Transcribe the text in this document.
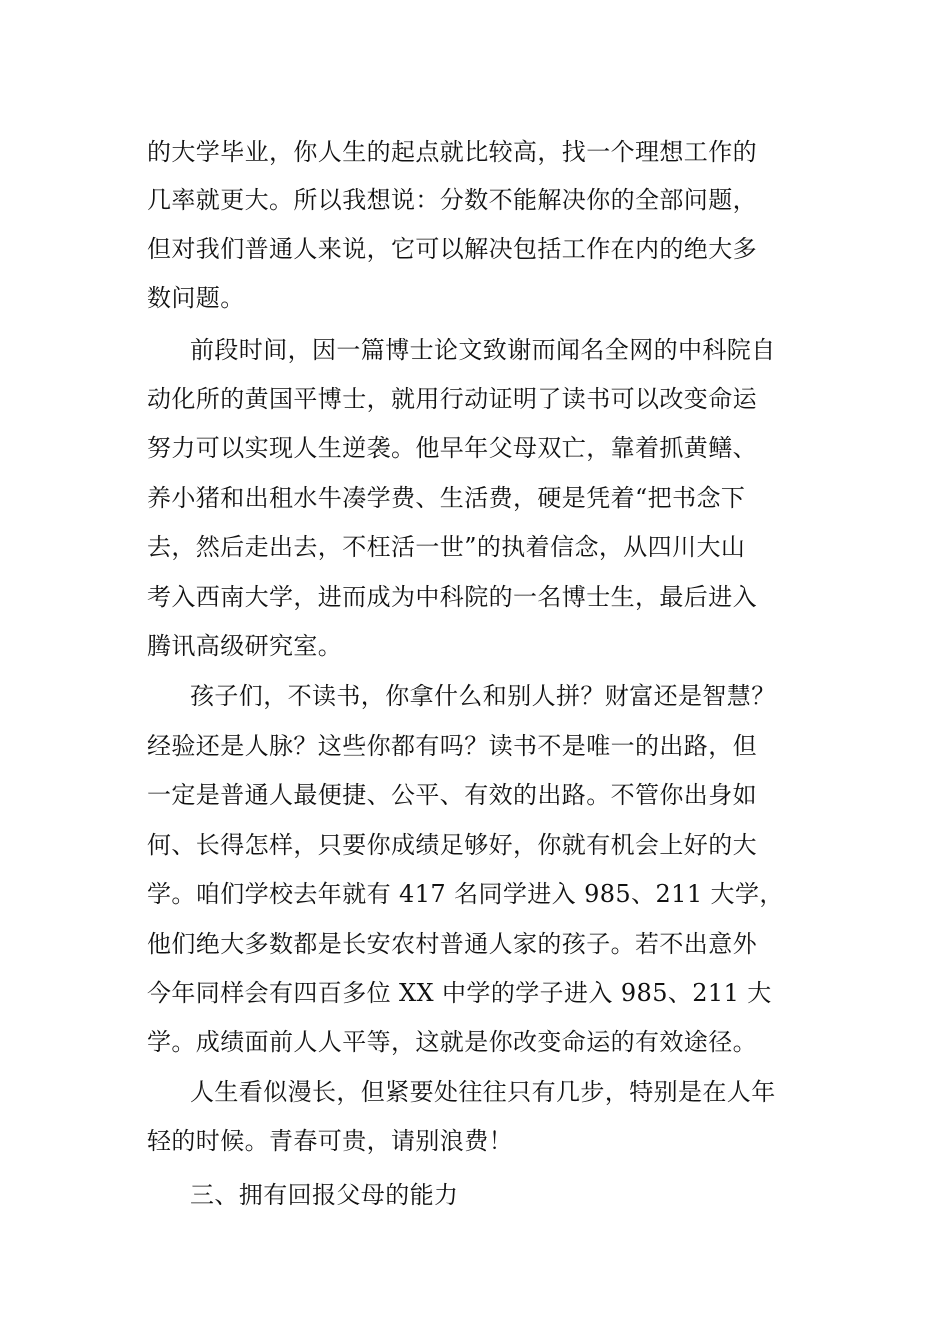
的大学毕业，你人生的起点就比较高，找一个理想工作的
几率就更大。所以我想说：分数不能解决你的全部问题，
但对我们普通人来说，它可以解决包括工作在内的绝大多
数问题。
前段时间，因一篇博士论文致谢而闻名全网的中科院自
动化所的黄国平博士，就用行动证明了读书可以改变命运
努力可以实现人生逆袭。他早年父母双亡，靠着抓黄鳝、
养小猪和出租水牛凑学费、生活费，硬是凭着“把书念下
去，然后走出去，不枉活一世”的执着信念，从四川大山
考入西南大学，进而成为中科院的一名博士生，最后进入
腾讯高级研究室。
孩子们，不读书，你拿什么和别人拼？财富还是智慧？
经验还是人脉？这些你都有吗？读书不是唯一的出路，但
一定是普通人最便捷、公平、有效的出路。不管你出身如
何、长得怎样，只要你成绩足够好，你就有机会上好的大
学。咱们学校去年就有 417 名同学进入 985、211 大学，
他们绝大多数都是长安农村普通人家的孩子。若不出意外
今年同样会有四百多位 XX 中学的学子进入 985、211 大
学。成绩面前人人平等，这就是你改变命运的有效途径。
人生看似漫长，但紧要处往往只有几步，特别是在人年
轻的时候。青春可贵，请别浪费！
三、拥有回报父母的能力
